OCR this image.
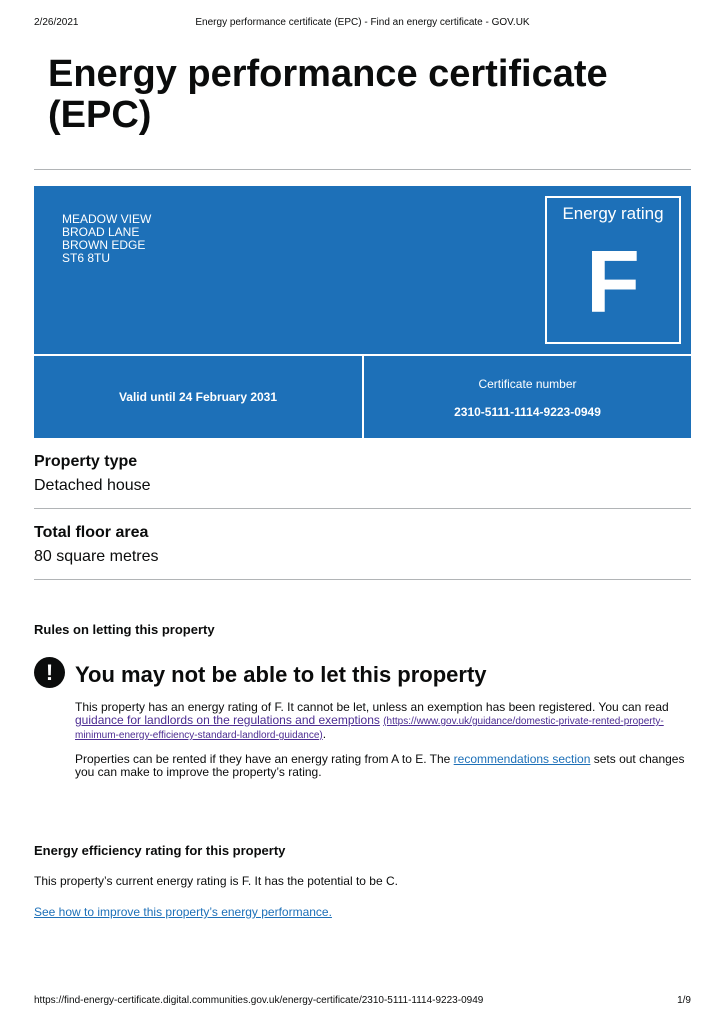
2/26/2021	Energy performance certificate (EPC) - Find an energy certificate - GOV.UK
Energy performance certificate (EPC)
MEADOW VIEW
BROAD LANE
BROWN EDGE
ST6 8TU
Energy rating
F
Valid until 24 February 2031
Certificate number
2310-5111-1114-9223-0949
Property type
Detached house
Total floor area
80 square metres
Rules on letting this property
! You may not be able to let this property
This property has an energy rating of F. It cannot be let, unless an exemption has been registered. You can read guidance for landlords on the regulations and exemptions (https://www.gov.uk/guidance/domestic-private-rented-property-minimum-energy-efficiency-standard-landlord-guidance).
Properties can be rented if they have an energy rating from A to E. The recommendations section sets out changes you can make to improve the property’s rating.
Energy efficiency rating for this property
This property’s current energy rating is F. It has the potential to be C.
See how to improve this property’s energy performance.
https://find-energy-certificate.digital.communities.gov.uk/energy-certificate/2310-5111-1114-9223-0949	1/9
